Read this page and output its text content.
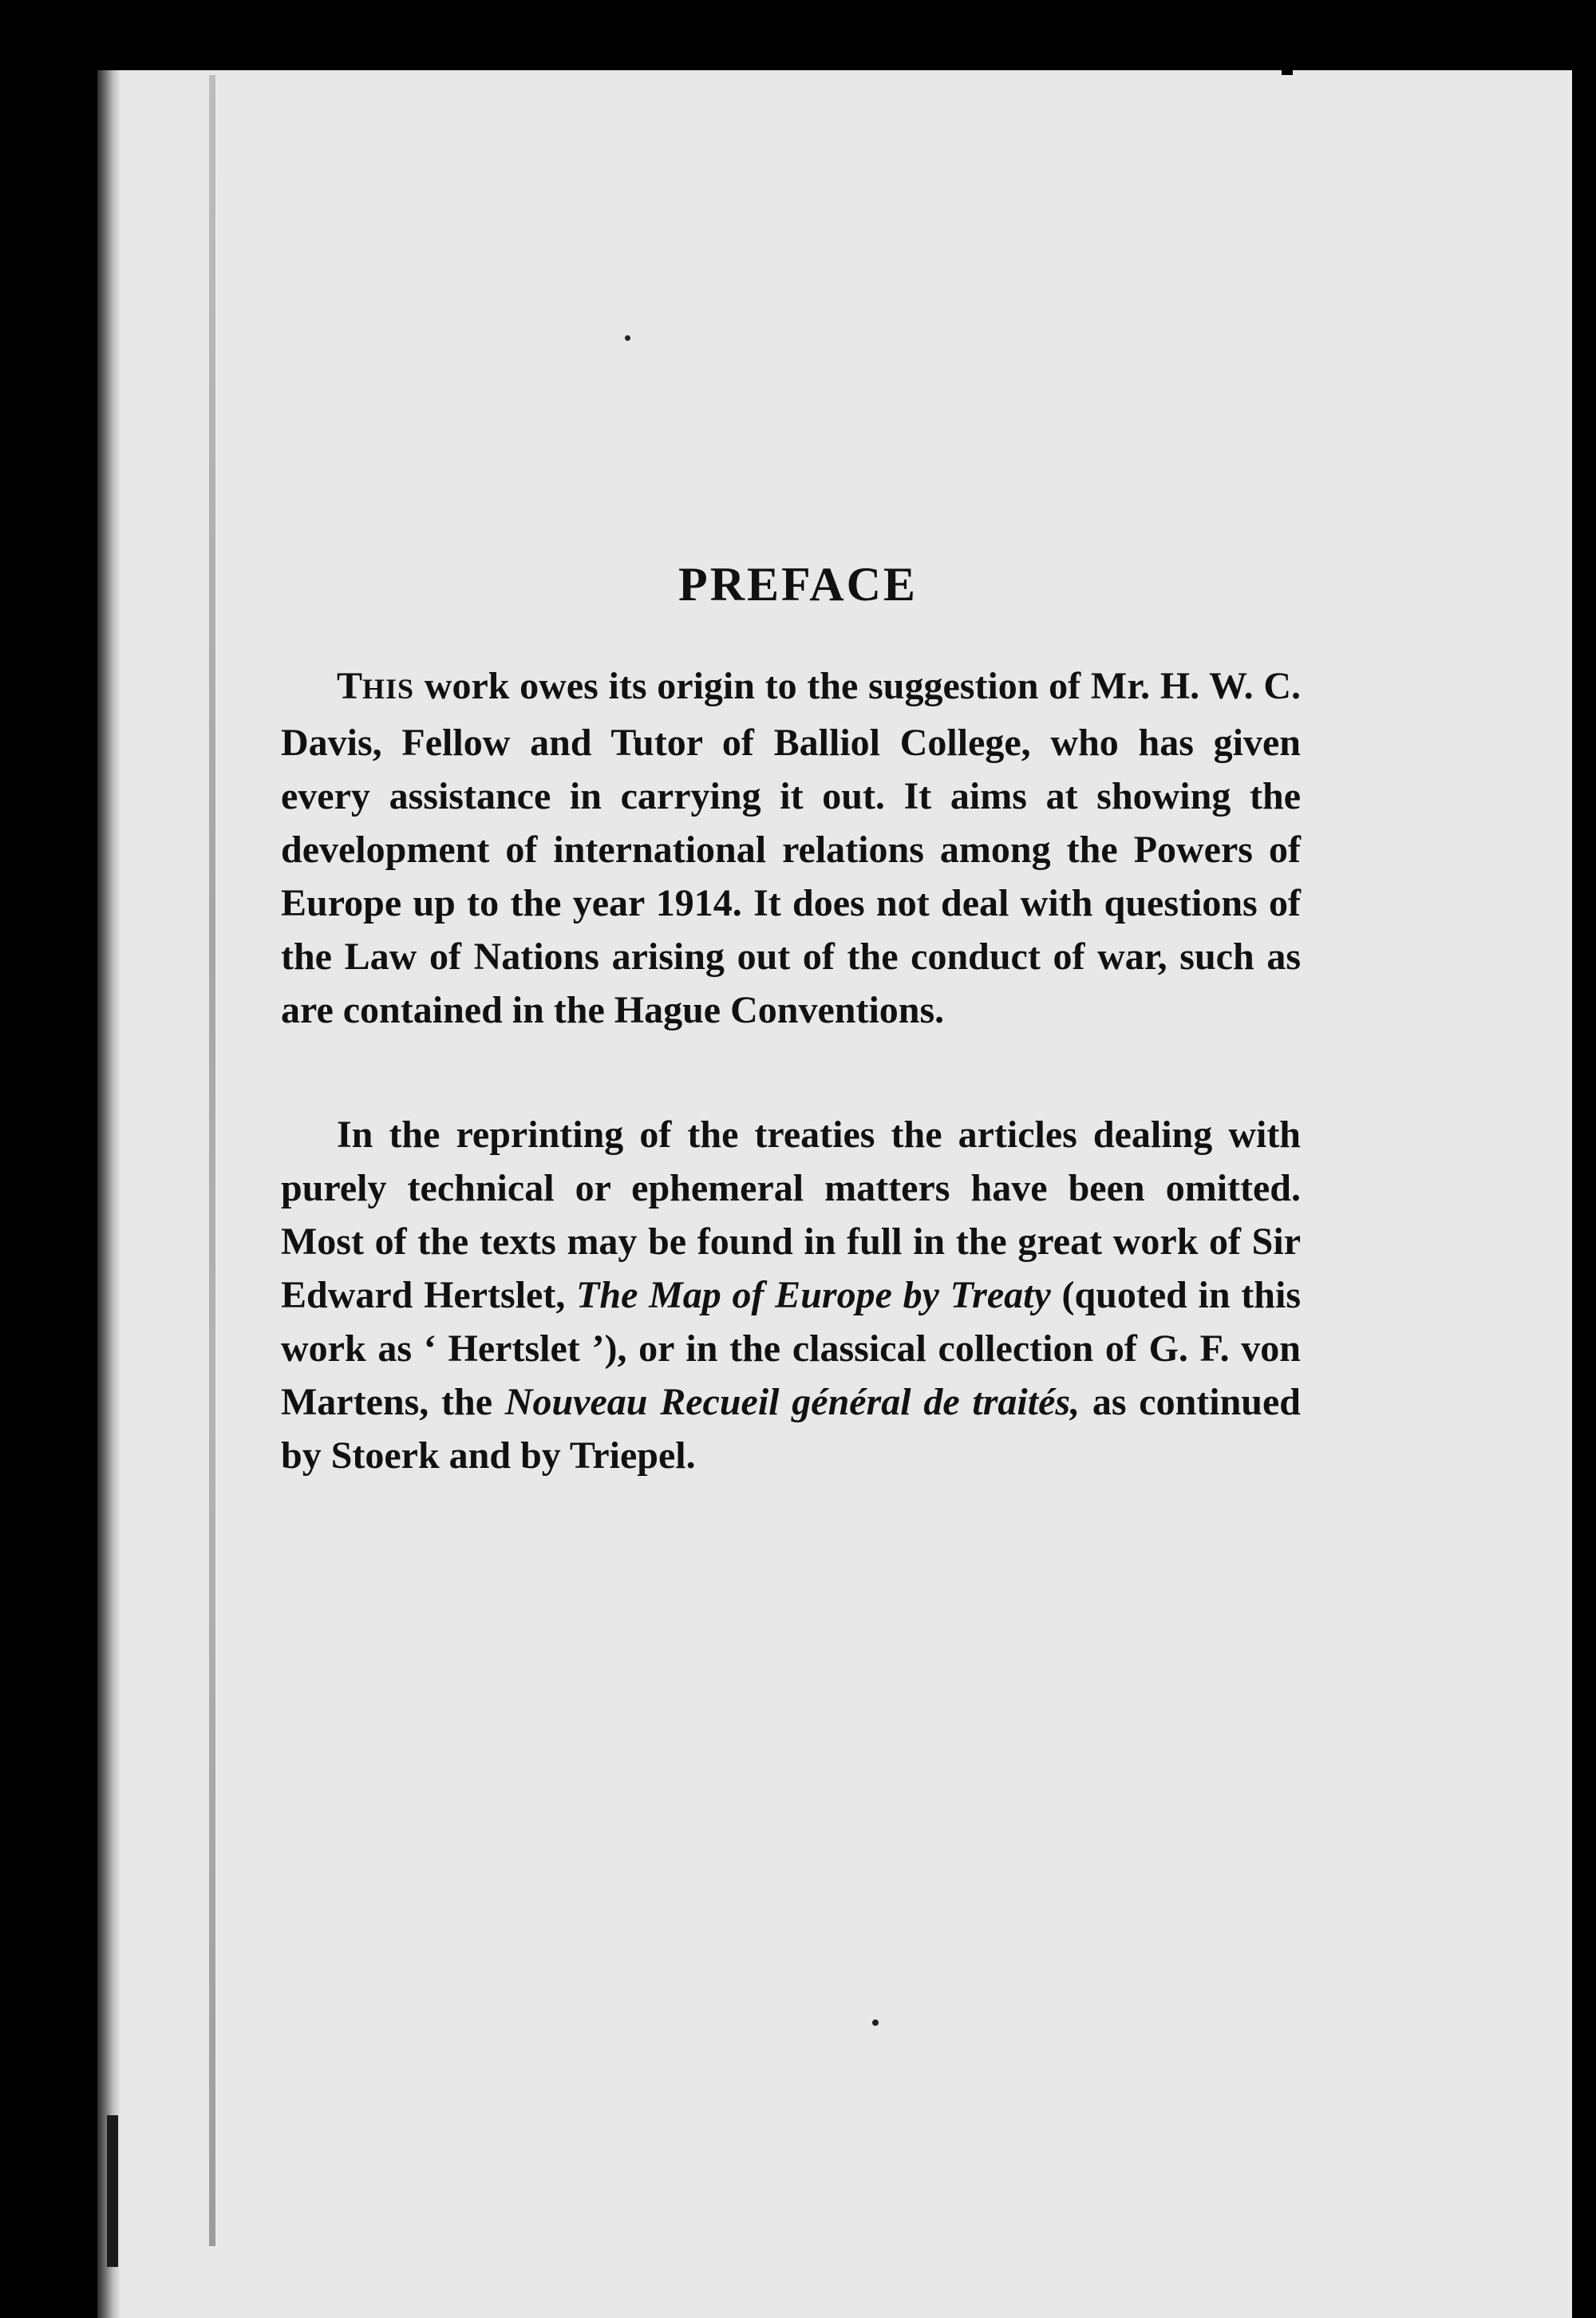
PREFACE

THIS work owes its origin to the suggestion of Mr. H. W. C. Davis, Fellow and Tutor of Balliol College, who has given every assistance in carrying it out. It aims at showing the development of international relations among the Powers of Europe up to the year 1914. It does not deal with questions of the Law of Nations arising out of the conduct of war, such as are contained in the Hague Conventions.

In the reprinting of the treaties the articles dealing with purely technical or ephemeral matters have been omitted. Most of the texts may be found in full in the great work of Sir Edward Hertslet, The Map of Europe by Treaty (quoted in this work as ‘ Hertslet ’), or in the classical collection of G. F. von Martens, the Nouveau Recueil général de traités, as continued by Stoerk and by Triepel.
